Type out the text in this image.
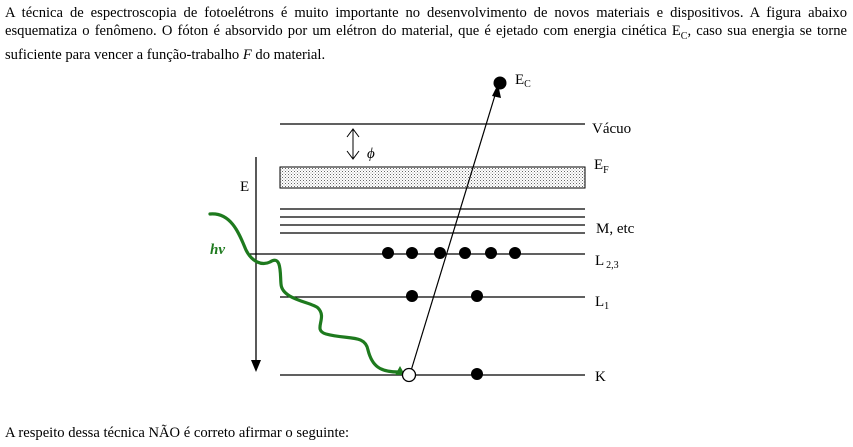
A técnica de espectroscopia de fotoelétrons é muito importante no desenvolvimento de novos materiais e dispositivos. A figura abaixo esquematiza o fenômeno. O fóton é absorvido por um elétron do material, que é ejetado com energia cinética $E_C$, caso sua energia se torne suficiente para vencer a função-trabalho F do material.

E
Vácuo
ϕ
$E_F$
M, etc
L $_{2,3}$
$L_1$
K
hν
$E_C$

A respeito dessa técnica NÃO é correto afirmar o seguinte:
